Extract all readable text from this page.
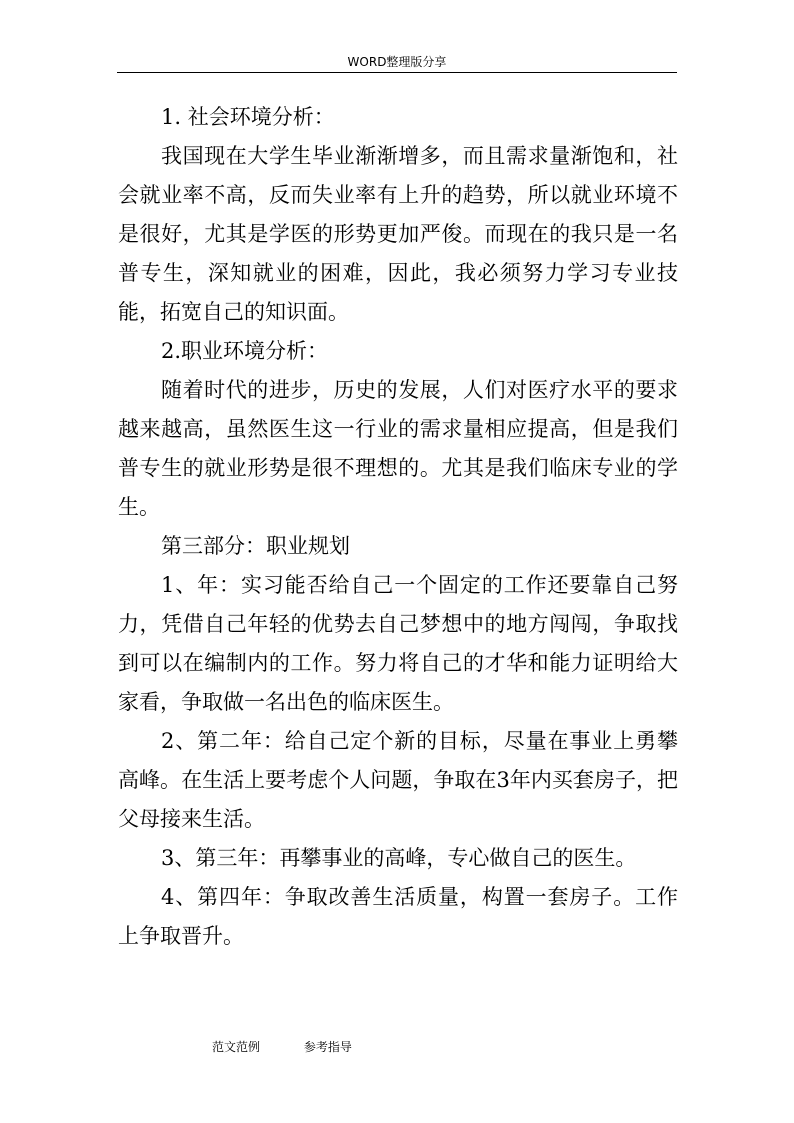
WORD整理版分享

1. 社会环境分析：

我国现在大学生毕业渐渐增多，而且需求量渐饱和，社会就业率不高，反而失业率有上升的趋势，所以就业环境不是很好，尤其是学医的形势更加严俊。而现在的我只是一名普专生，深知就业的困难，因此，我必须努力学习专业技能，拓宽自己的知识面。

2.职业环境分析：

随着时代的进步，历史的发展，人们对医疗水平的要求越来越高，虽然医生这一行业的需求量相应提高，但是我们普专生的就业形势是很不理想的。尤其是我们临床专业的学生。

第三部分：职业规划

1、年：实习能否给自己一个固定的工作还要靠自己努力，凭借自己年轻的优势去自己梦想中的地方闯闯，争取找到可以在编制内的工作。努力将自己的才华和能力证明给大家看，争取做一名出色的临床医生。

2、第二年：给自己定个新的目标，尽量在事业上勇攀高峰。在生活上要考虑个人问题，争取在3年内买套房子，把父母接来生活。

3、第三年：再攀事业的高峰，专心做自己的医生。

4、第四年：争取改善生活质量，构置一套房子。工作上争取晋升。

范文范例	参考指导
